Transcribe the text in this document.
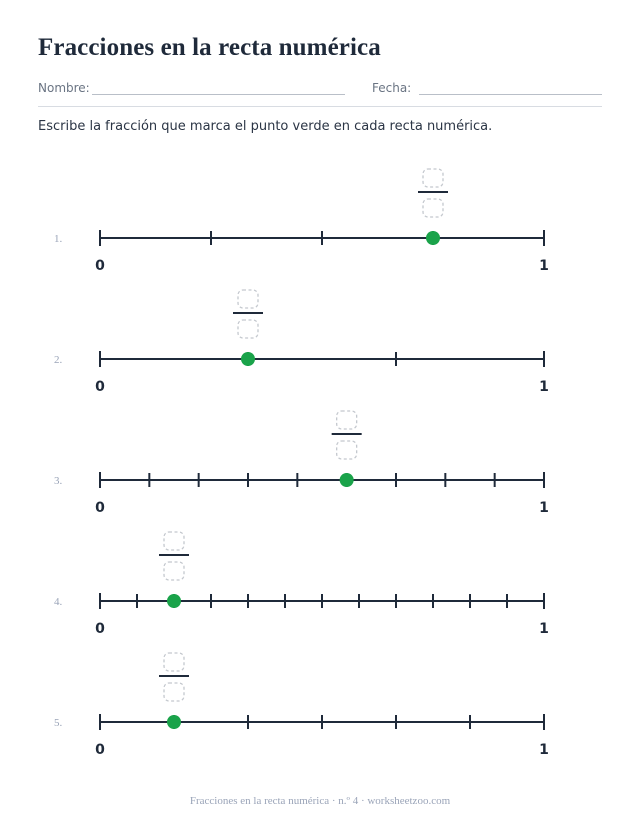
Fracciones en la recta numérica
Nombre:	Fecha:
Escribe la fracción que marca el punto verde en cada recta numérica.
1.
0	1
2.
0	1
3.
0	1
4.
0	1
5.
0	1
Fracciones en la recta numérica · n.º 4 · worksheetzoo.com
